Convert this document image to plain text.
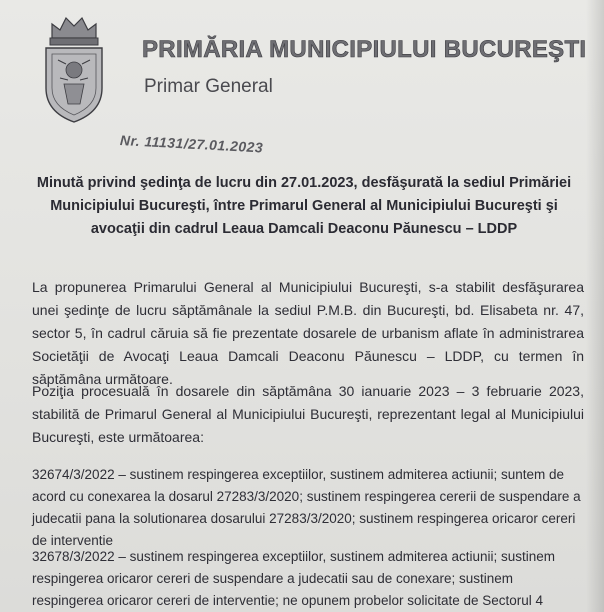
PRIMĂRIA MUNICIPIULUI BUCUREŞTI
Primar General
Nr. 11131/27.01.2023
Minută privind şedinţa de lucru din 27.01.2023, desfăşurată la sediul Primăriei Municipiului Bucureşti, între Primarul General al Municipiului Bucureşti şi avocaţii din cadrul Leaua Damcali Deaconu Păunescu – LDDP
La propunerea Primarului General al Municipiului Bucureşti, s-a stabilit desfăşurarea unei şedinţe de lucru săptămânale la sediul P.M.B. din Bucureşti, bd. Elisabeta nr. 47, sector 5, în cadrul căruia să fie prezentate dosarele de urbanism aflate în administrarea Societăţii de Avocaţi Leaua Damcali Deaconu Păunescu – LDDP, cu termen în săptămâna următoare.
Poziţia procesuală în dosarele din săptămâna 30 ianuarie 2023 – 3 februarie 2023, stabilită de Primarul General al Municipiului Bucureşti, reprezentant legal al Municipiului Bucureşti, este următoarea:
32674/3/2022 – sustinem respingerea exceptiilor, sustinem admiterea actiunii; suntem de acord cu conexarea la dosarul 27283/3/2020; sustinem respingerea cererii de suspendare a judecatii pana la solutionarea dosarului 27283/3/2020; sustinem respingerea oricaror cereri de interventie
32678/3/2022 – sustinem respingerea exceptiilor, sustinem admiterea actiunii; sustinem respingerea oricaror cereri de suspendare a judecatii sau de conexare; sustinem respingerea oricaror cereri de interventie; ne opunem probelor solicitate de Sectorul 4
